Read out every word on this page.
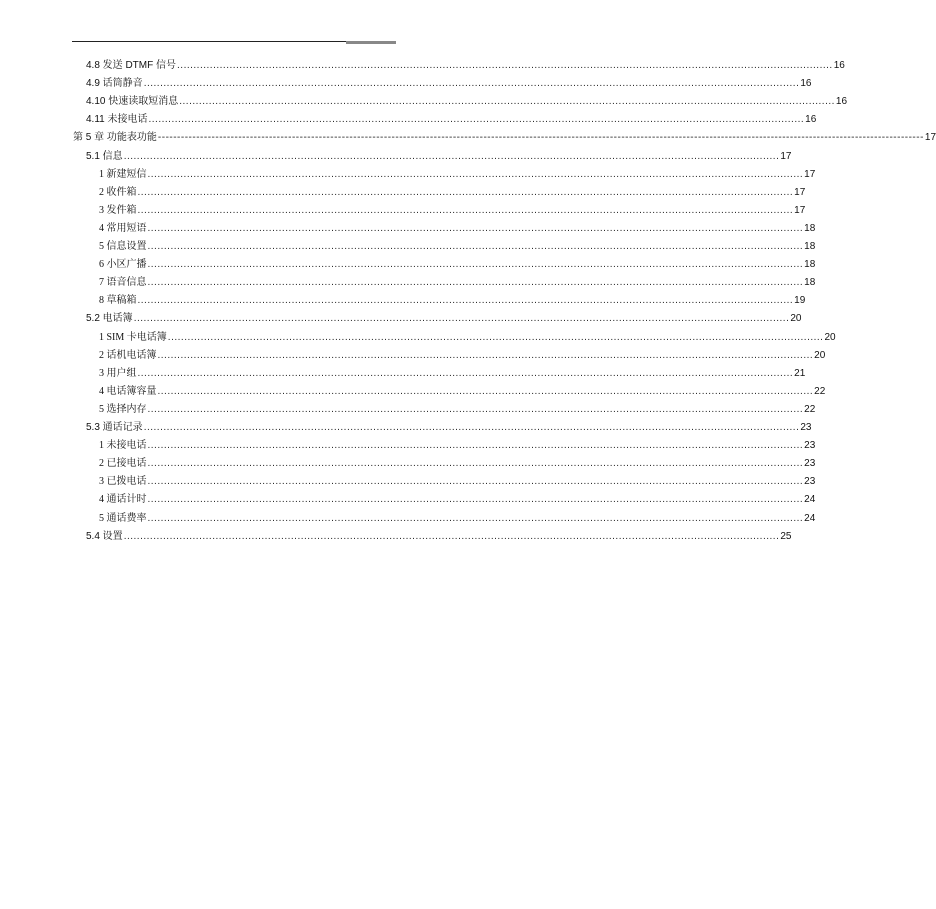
4.8 发送 DTMF 信号 ........................................................................................................................................................................................................ 16
4.9 话筒静音 ........................................................................................................................................................................................................ 16
4.10 快速读取短消息 ........................................................................................................................................................................................................ 16
4.11 未接电话 ........................................................................................................................................................................................................ 16
第 5 章 功能表功能 -------------------------------------------------------------------------------------------------------------------------------------------------------------------------------------------------------- 17
5.1 信息 ........................................................................................................................................................................................................ 17
1 新建短信 ........................................................................................................................................................................................................ 17
2 收件箱 ........................................................................................................................................................................................................ 17
3 发件箱 ........................................................................................................................................................................................................ 17
4 常用短语 ........................................................................................................................................................................................................ 18
5 信息设置 ........................................................................................................................................................................................................ 18
6 小区广播 ........................................................................................................................................................................................................ 18
7 语音信息 ........................................................................................................................................................................................................ 18
8 草稿箱 ........................................................................................................................................................................................................ 19
5.2 电话簿 ........................................................................................................................................................................................................ 20
1 SIM 卡电话簿 ........................................................................................................................................................................................................ 20
2 话机电话簿 ........................................................................................................................................................................................................ 20
3 用户组 ........................................................................................................................................................................................................ 21
4 电话簿容量 ........................................................................................................................................................................................................ 22
5 选择内存 ........................................................................................................................................................................................................ 22
5.3 通话记录 ........................................................................................................................................................................................................ 23
1 未接电话 ........................................................................................................................................................................................................ 23
2 已接电话 ........................................................................................................................................................................................................ 23
3 已拨电话 ........................................................................................................................................................................................................ 23
4 通话计时 ........................................................................................................................................................................................................ 24
5 通话费率 ........................................................................................................................................................................................................ 24
5.4 设置 ........................................................................................................................................................................................................ 25
